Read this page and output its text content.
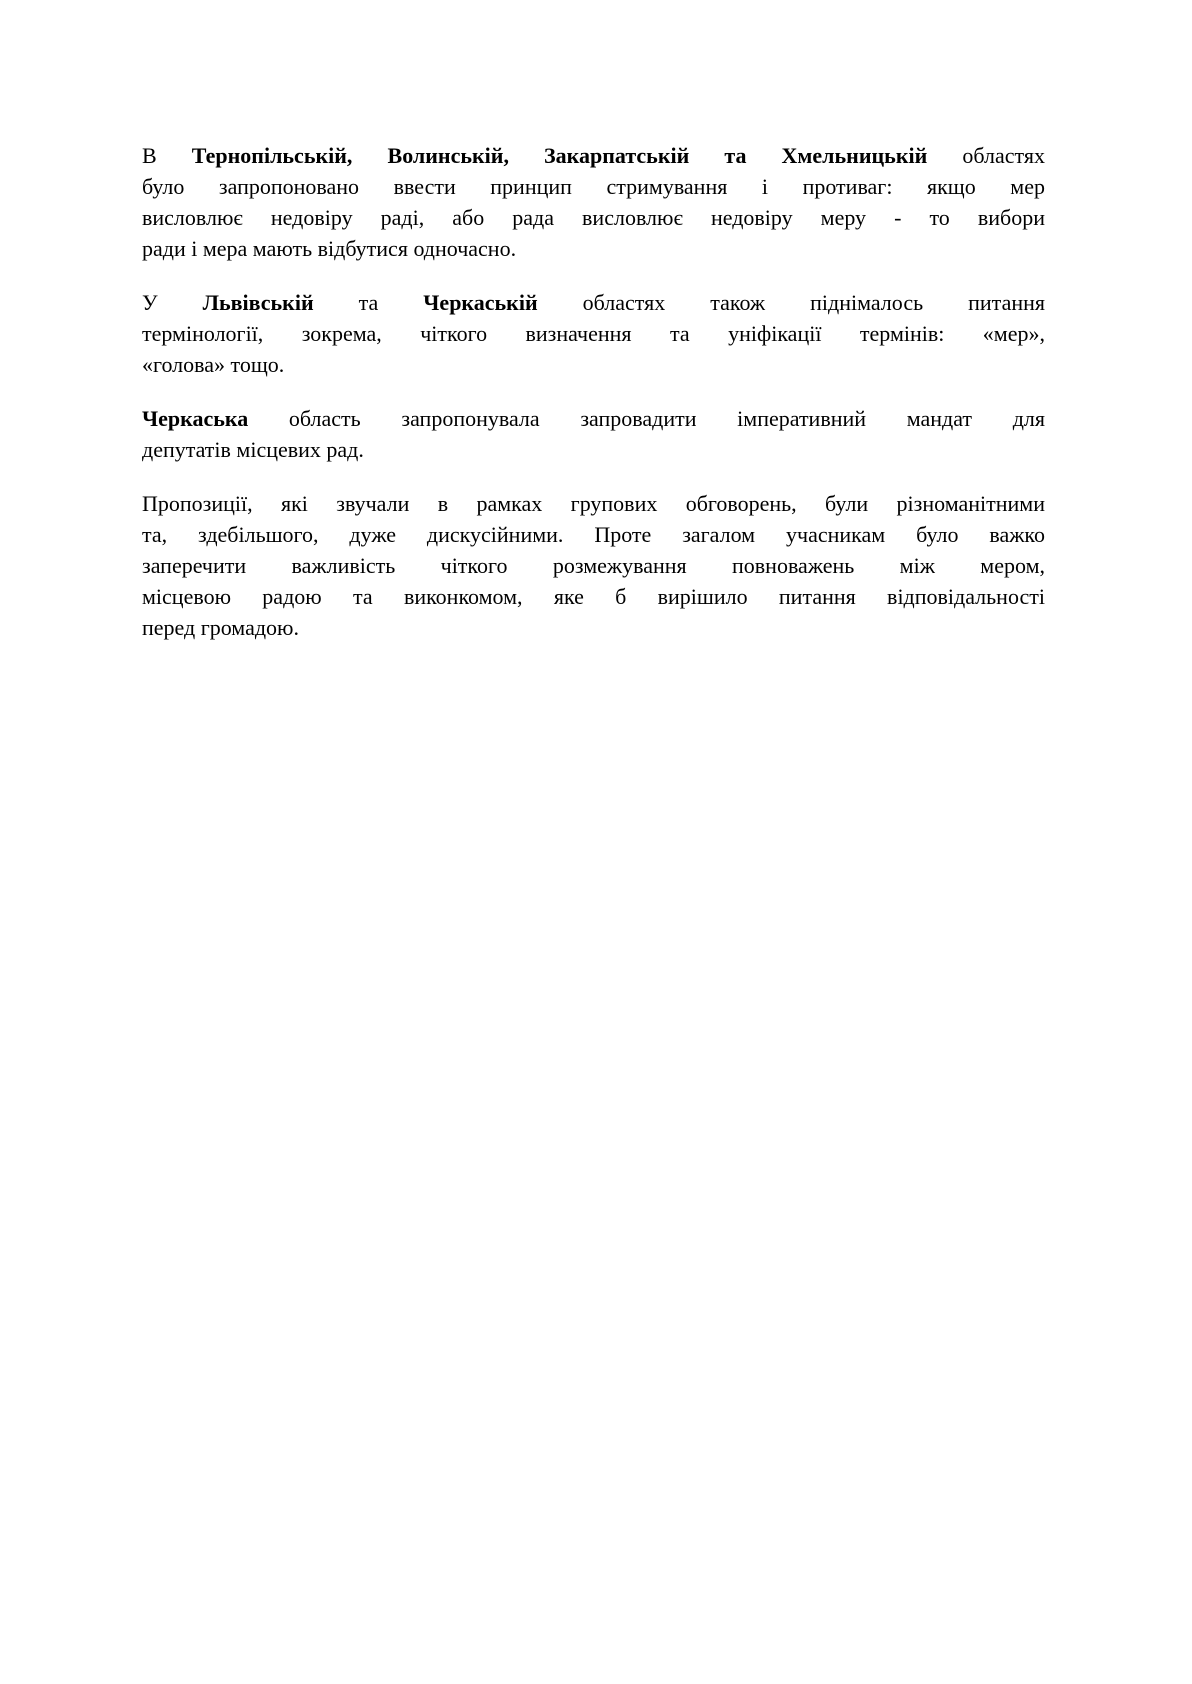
В Тернопільській, Волинській, Закарпатській та Хмельницькій областях
було запропоновано ввести принцип стримування і противаг: якщо мер
висловлює недовіру раді, або рада висловлює недовіру меру - то вибори
ради і мера мають відбутися одночасно.
У Львівській та Черкаській областях також піднімалось питання
термінології, зокрема, чіткого визначення та уніфікації термінів: «мер»,
«голова» тощо.
Черкаська область запропонувала запровадити імперативний мандат для
депутатів місцевих рад.
Пропозиції, які звучали в рамках групових обговорень, були різноманітними
та, здебільшого, дуже дискусійними. Проте загалом учасникам було важко
заперечити важливість чіткого розмежування повноважень між мером,
місцевою радою та виконкомом, яке б вирішило питання відповідальності
перед громадою.
